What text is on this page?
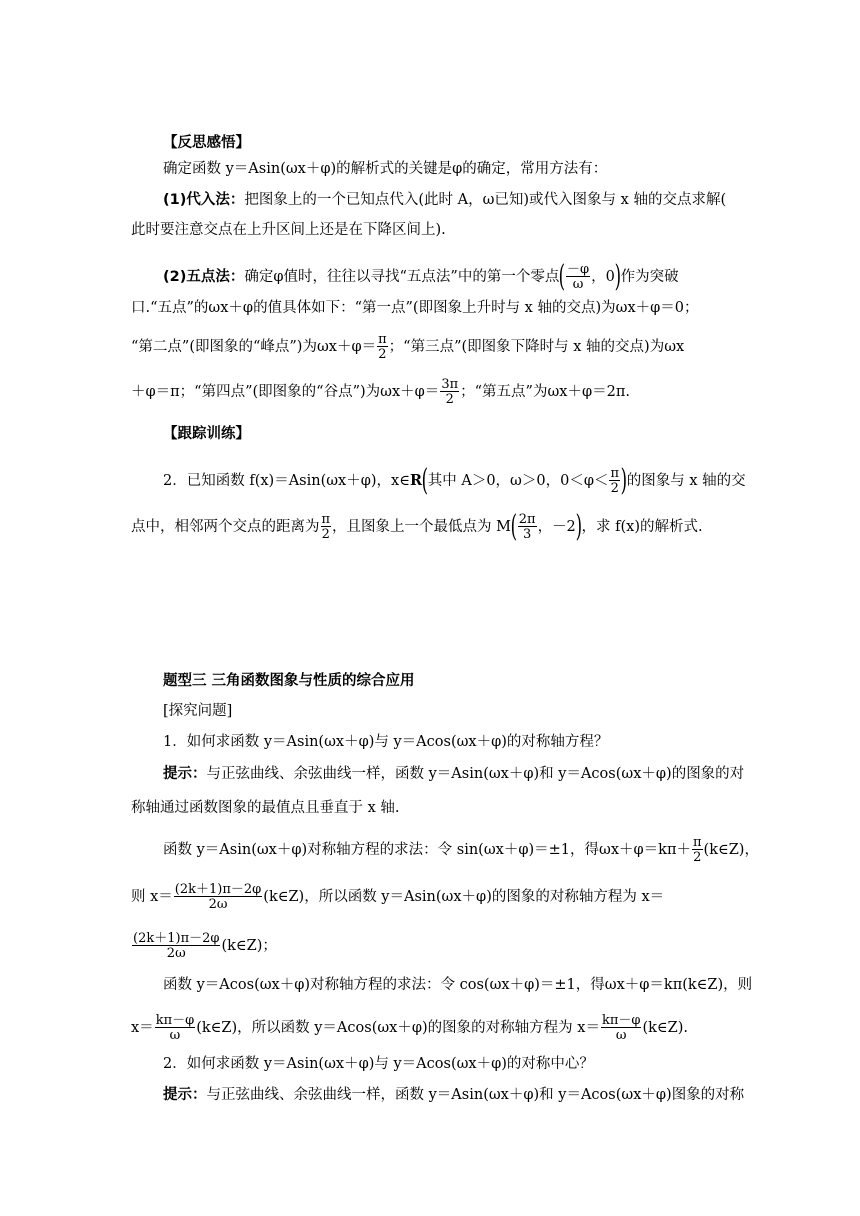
【反思感悟】
确定函数 y＝Asin(ωx＋φ)的解析式的关键是φ的确定，常用方法有：
(1)代入法：把图象上的一个已知点代入(此时 A，ω已知)或代入图象与 x 轴的交点求解(
此时要注意交点在上升区间上还是在下降区间上).
(2)五点法：确定φ值时，往往以寻找“五点法”中的第一个零点( $\frac{-\varphi}{\omega}$ ，0)作为突破
口.“五点”的ωx＋φ的值具体如下：“第一点”(即图象上升时与 x 轴的交点)为ωx＋φ＝0；
“第二点”(即图象的“峰点”)为$\omega x+\varphi= \frac{\pi}{2}$ ；“第三点”(即图象下降时与 x 轴的交点)为ωx
＋φ＝π；“第四点”(即图象的“谷点”)为$\omega x+\varphi= \frac{3\pi}{2}$ ；“第五点”为ωx＋φ＝2π.
【跟踪训练】
2．已知函数 f(x)＝Asin(ωx＋φ)，x∈R(其中 A＞0，ω＞0，$0<\varphi< \frac{\pi}{2}$ )的图象与 x 轴的交
点中，相邻两个交点的距离为 $\frac{\pi}{2}$ ，且图象上一个最低点为 $M( \frac{2\pi}{3}$ ，－2)，求 f(x)的解析式.
题型三 三角函数图象与性质的综合应用
[探究问题]
1．如何求函数 y＝Asin(ωx＋φ)与 y＝Acos(ωx＋φ)的对称轴方程？
提示：与正弦曲线、余弦曲线一样，函数 y＝Asin(ωx＋φ)和 y＝Acos(ωx＋φ)的图象的对
称轴通过函数图象的最值点且垂直于 x 轴.
函数 y＝Asin(ωx＋φ)对称轴方程的求法：令 sin(ωx＋φ)＝±1，得$\omega x+\varphi=k\pi+ \frac{\pi}{2}$ (k∈Z)，
则 $x= \frac{(2k+1)\pi-2\varphi}{2\omega}$ (k∈Z)，所以函数 y＝Asin(ωx＋φ)的图象的对称轴方程为 x＝
$\frac{(2k+1)\pi-2\varphi}{2\omega}$ (k∈Z)；
函数 y＝Acos(ωx＋φ)对称轴方程的求法：令 cos(ωx＋φ)＝±1，得ωx＋φ＝kπ(k∈Z)，则
$x= \frac{k\pi-\varphi}{\omega}$ (k∈Z)，所以函数 y＝Acos(ωx＋φ)的图象的对称轴方程为 $x= \frac{k\pi-\varphi}{\omega}$ (k∈Z).
2．如何求函数 y＝Asin(ωx＋φ)与 y＝Acos(ωx＋φ)的对称中心？
提示：与正弦曲线、余弦曲线一样，函数 y＝Asin(ωx＋φ)和 y＝Acos(ωx＋φ)图象的对称
